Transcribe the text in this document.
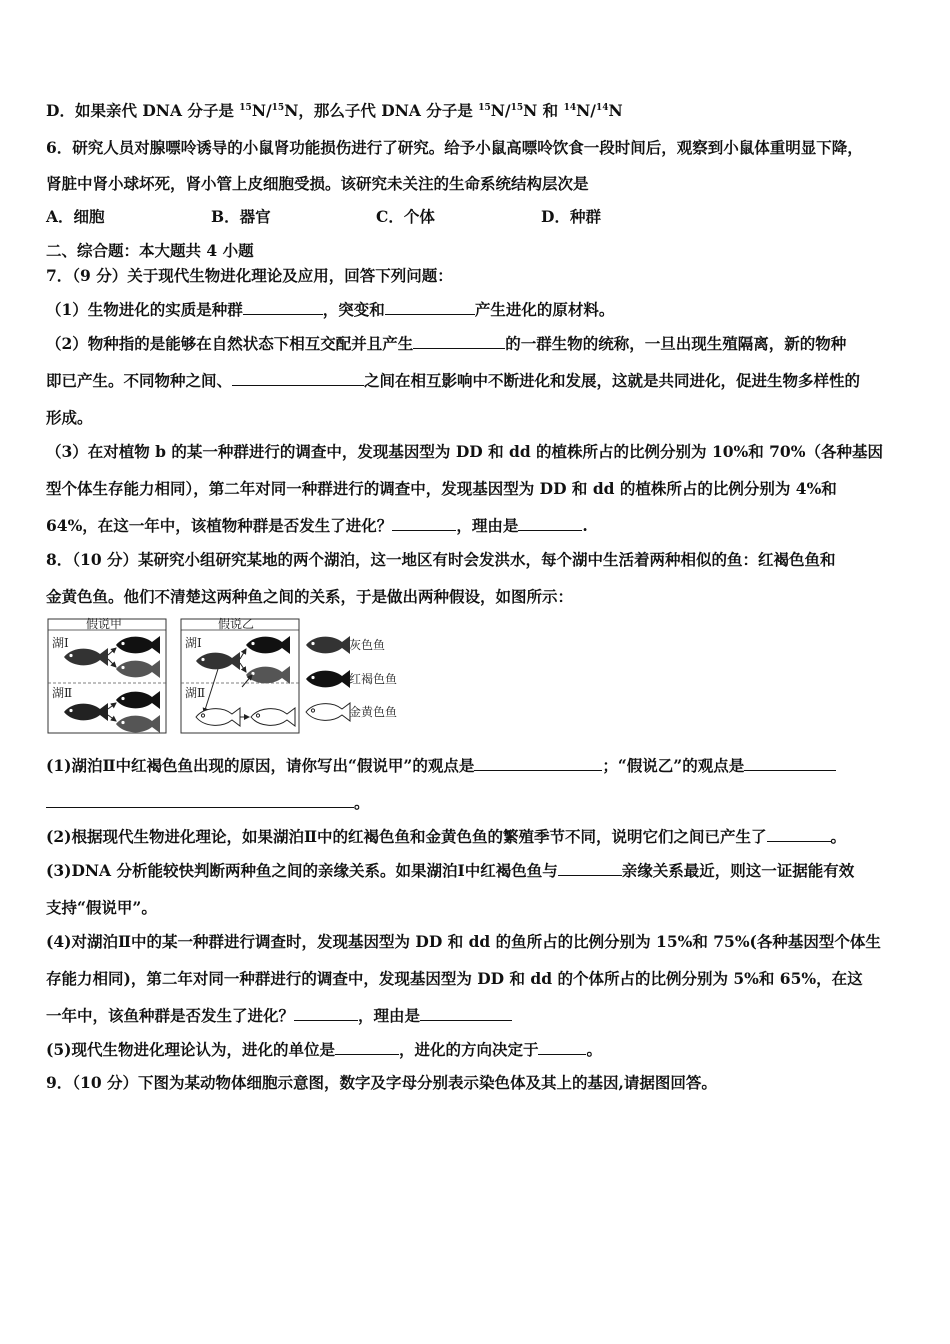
D．如果亲代 DNA 分子是 $^{15}$N/$^{15}$N，那么子代 DNA 分子是 $^{15}$N/$^{15}$N 和 $^{14}$N/$^{14}$N
6．研究人员对腺嘌呤诱导的小鼠肾功能损伤进行了研究。给予小鼠高嘌呤饮食一段时间后，观察到小鼠体重明显下降，
肾脏中肾小球坏死，肾小管上皮细胞受损。该研究未关注的生命系统结构层次是
A．细胞	B．器官	C．个体	D．种群
二、综合题：本大题共 4 小题
7．（9 分）关于现代生物进化理论及应用，回答下列问题：
（1）生物进化的实质是种群	，突变和	产生进化的原材料。
（2）物种指的是能够在自然状态下相互交配并且产生	的一群生物的统称，一旦出现生殖隔离，新的物种
即已产生。不同物种之间、	之间在相互影响中不断进化和发展，这就是共同进化，促进生物多样性的
形成。
（3）在对植物 b 的某一种群进行的调查中，发现基因型为 DD 和 dd 的植株所占的比例分别为 10%和 70%（各种基因
型个体生存能力相同），第二年对同一种群进行的调查中，发现基因型为 DD 和 dd 的植株所占的比例分别为 4%和
64%，在这一年中，该植物种群是否发生了进化？	，理由是	.
8．（10 分）某研究小组研究某地的两个湖泊，这一地区有时会发洪水，每个湖中生活着两种相似的鱼：红褐色鱼和
金黄色鱼。他们不清楚这两种鱼之间的关系，于是做出两种假设，如图所示：
假说甲
湖Ⅰ
湖Ⅱ
假说乙
湖Ⅰ
湖Ⅱ
灰色鱼
红褐色鱼
金黄色鱼
(1)湖泊Ⅱ中红褐色鱼出现的原因，请你写出“假说甲”的观点是	；“假说乙”的观点是
。
(2)根据现代生物进化理论，如果湖泊Ⅱ中的红褐色鱼和金黄色鱼的繁殖季节不同，说明它们之间已产生了	。
(3)DNA 分析能较快判断两种鱼之间的亲缘关系。如果湖泊Ⅰ中红褐色鱼与	亲缘关系最近，则这一证据能有效
支持“假说甲”。
(4)对湖泊Ⅱ中的某一种群进行调查时，发现基因型为 DD 和 dd 的鱼所占的比例分别为 15%和 75%(各种基因型个体生
存能力相同)，第二年对同一种群进行的调查中，发现基因型为 DD 和 dd 的个体所占的比例分别为 5%和 65%，在这
一年中，该鱼种群是否发生了进化？	，理由是
(5)现代生物进化理论认为，进化的单位是	，进化的方向决定于	。
9．（10 分）下图为某动物体细胞示意图，数字及字母分别表示染色体及其上的基因,请据图回答。
